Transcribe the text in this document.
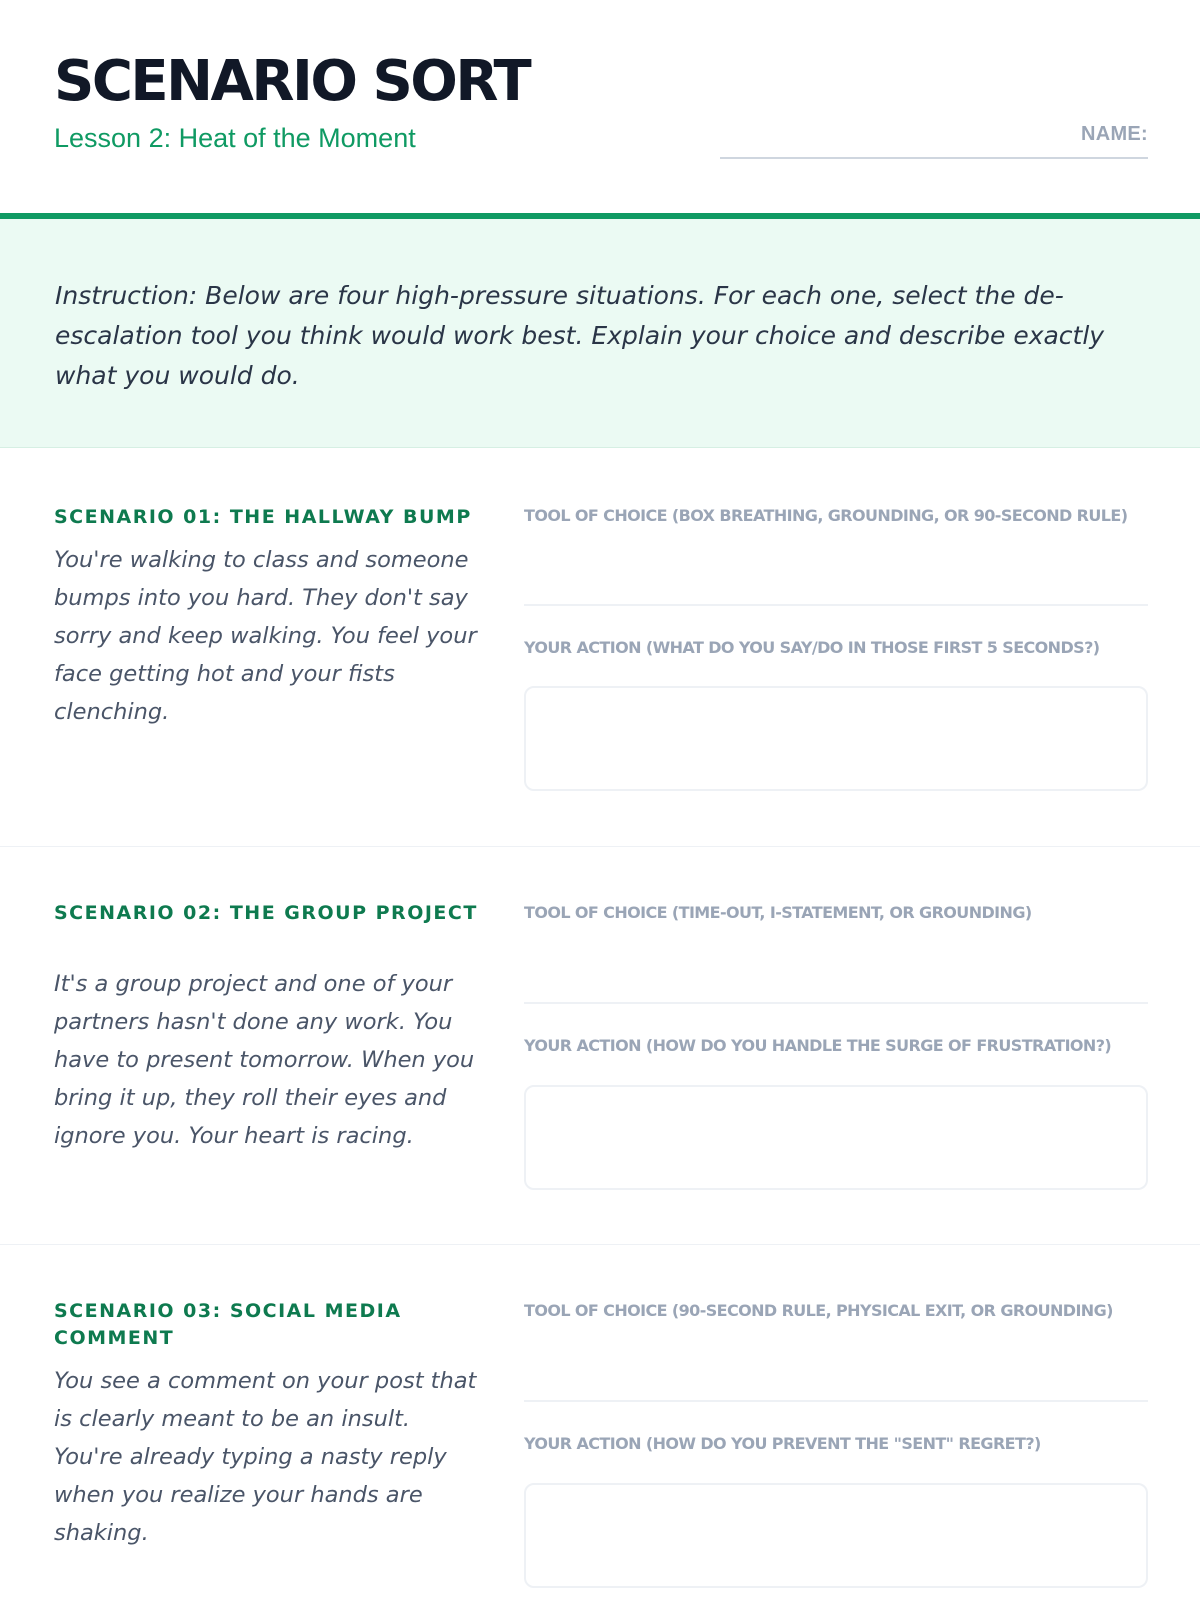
SCENARIO SORT
Lesson 2: Heat of the Moment	NAME:

Instruction: Below are four high-pressure situations. For each one, select the de-escalation tool you think would work best. Explain your choice and describe exactly what you would do.

SCENARIO 01: THE HALLWAY BUMP

You're walking to class and someone bumps into you hard. They don't say sorry and keep walking. You feel your face getting hot and your fists clenching.

TOOL OF CHOICE (BOX BREATHING, GROUNDING, OR 90-SECOND RULE)
YOUR ACTION (WHAT DO YOU SAY/DO IN THOSE FIRST 5 SECONDS?)
SCENARIO 02: THE GROUP PROJECT

It's a group project and one of your partners hasn't done any work. You have to present tomorrow. When you bring it up, they roll their eyes and ignore you. Your heart is racing.

TOOL OF CHOICE (TIME-OUT, I-STATEMENT, OR GROUNDING)
YOUR ACTION (HOW DO YOU HANDLE THE SURGE OF FRUSTRATION?)
SCENARIO 03: SOCIAL MEDIA COMMENT

You see a comment on your post that is clearly meant to be an insult. You're already typing a nasty reply when you realize your hands are shaking.

TOOL OF CHOICE (90-SECOND RULE, PHYSICAL EXIT, OR GROUNDING)
YOUR ACTION (HOW DO YOU PREVENT THE "SENT" REGRET?)
